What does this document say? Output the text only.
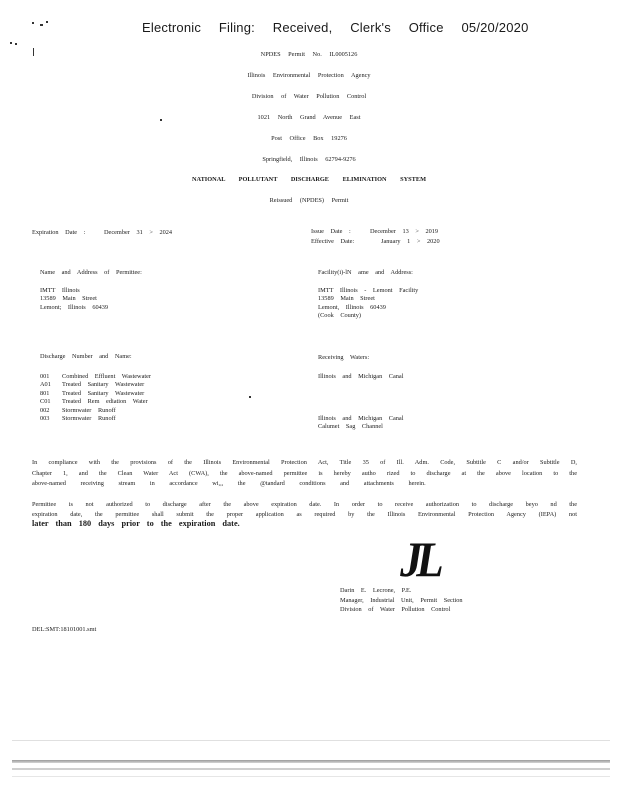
Electronic Filing: Received, Clerk's Office 05/20/2020
NPDES Permit No. IL0005126
Illinois Environmental Protection Agency
Division of Water Pollution Control
1021 North Grand Avenue East
Post Office Box 19276
Springfield, Illinois 62794-9276
NATIONAL POLLUTANT DISCHARGE ELIMINATION SYSTEM
Reissued (NPDES) Permit
Expiration Date :	December 31 > 2024	Issue Date :	December 13 > 2019
Effective Date:	January 1 > 2020
Name and Address of Permittee:
IMTT Illinois
13589 Main Street
Lemont; Illinois 60439
Facility(i)-lN ame and Address:
IMTT Illinois - Lemont Facility
13589 Main Street
Lemont, Illinois 60439
(Cook County)
Discharge Number and Name:
001 Combined Effluent Wastewater
A01 Treated Sanitary Wastewater
801 Treated Sanitary Wastewater
C01 Treated Rem ediation Water
002 Stormwater Runoff
003 Stormwater Runoff
Receiving Waters:
Illinois and Michigan Canal
Illinois and Michigan Canal
Calumet Sag Channel
In compliance with the provisions of the Illinois Environmental Protection Act, Title 35 of Ill. Adm. Code, Subtitle C and/or Subtitle D,
Chapter 1, and the Clean Water Act (CWA), the above-named permittee is hereby autho rized to discharge at the above location to the
above-named receiving stream in accordance wi,,, the @tandard conditions and attachments herein.
Permittee is not authorized to discharge after the above expiration date. In order to receive authorization to discharge beyo nd the
expiration date, the permittee shall submit the proper application as required by the Illinois Environmental Protection Agency (IEPA) not
later than 180 days prior to the expiration date.
JL
Darin E. Lecrone, P.E.
Manager, Industrial Unit, Permit Section
Division of Water Pollution Control
DEL:SMT:18101001.smt
